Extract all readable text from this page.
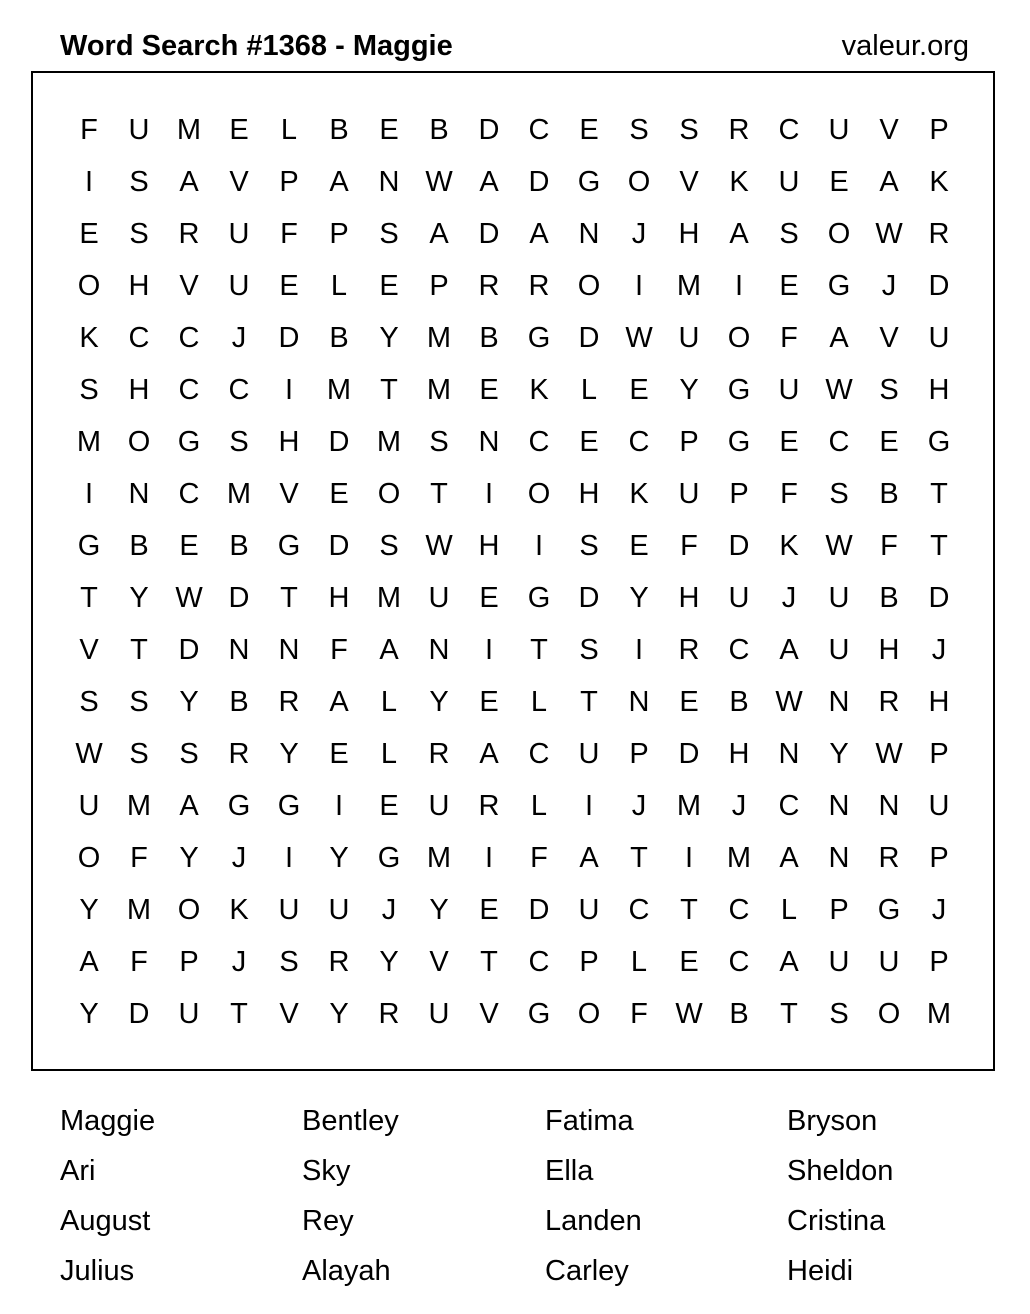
Word Search #1368 - Maggie	valeur.org
F	U M E	L	B	E	B	D	C	E	S	S	R	C	U	V	P
I	S	A	V	P	A	N W A	D G O	V	K	U	E	A	K
E	S	R	U	F	P	S	A	D	A	N	J	H	A	S	O W R
O H	V	U	E	L	E	P	R	R O	I	M	I	E	G	J	D
K	C	C	J	D	B	Y M B	G D W U O	F	A	V	U
S	H	C	C	I	M	T	M E	K	L	E	Y	G U W S	H
M O G	S	H	D M S	N	C	E	C	P	G	E	C	E	G
I	N	C M V	E	O	T	I	O H	K	U	P	F	S	B	T
G	B	E	B	G D	S W H	I	S	E	F	D	K W F	T
T	Y W D	T	H M U	E	G D	Y	H	U	J	U	B	D
V	T	D	N	N	F	A	N	I	T	S	I	R	C	A	U	H	J
S	S	Y	B	R	A	L	Y	E	L	T	N	E	B W N	R	H
W S	S	R	Y	E	L	R	A	C	U	P	D	H	N	Y W P
U M A	G G	I	E	U	R	L	I	J	M	J	C	N	N	U
O	F	Y	J	I	Y	G M	I	F	A	T	I	M A	N	R	P
Y M O	K	U	U	J	Y	E	D	U	C	T	C	L	P	G	J
A	F	P	J	S	R	Y	V	T	C	P	L	E	C	A	U	U	P
Y	D	U	T	V	Y	R	U	V	G O	F W B	T	S	O M
Maggie	Bentley	Fatima	Bryson
Ari	Sky	Ella	Sheldon
August	Rey	Landen	Cristina
Julius	Alayah	Carley	Heidi
